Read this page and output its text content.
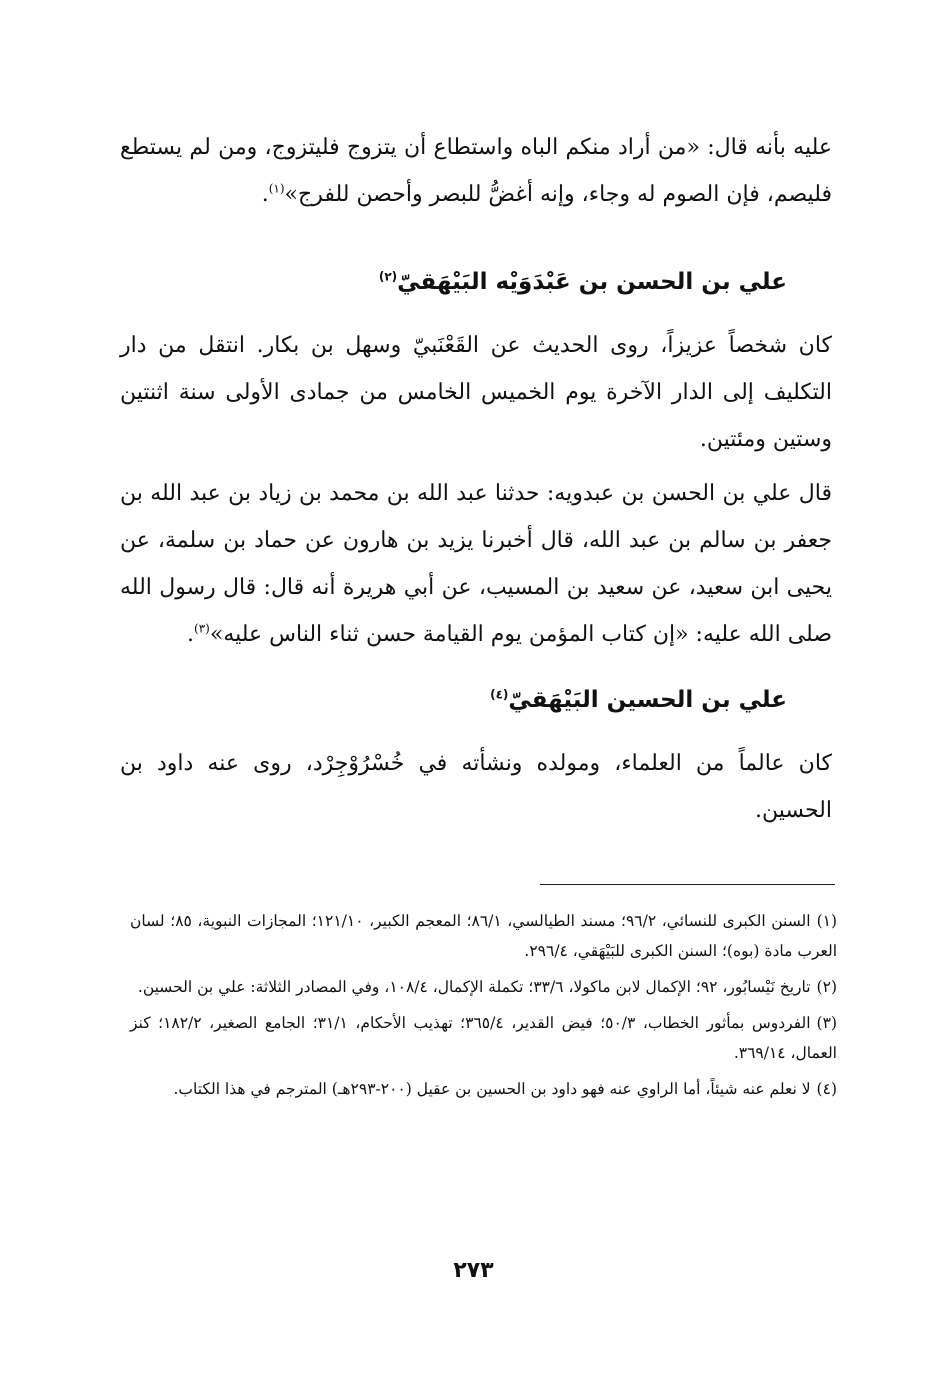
عليه بأنه قال: «من أراد منكم الباه واستطاع أن يتزوج فليتزوج، ومن لم يستطع فليصم، فإن الصوم له وجاء، وإنه أغضُّ للبصر وأحصن للفرج»$^{(١)}$.

علي بن الحسن بن عَبْدَوَيْه البَيْهَقيّ$^{(٢)}$

كان شخصاً عزيزاً، روى الحديث عن القَعْنَبيّ وسهل بن بكار. انتقل من دار التكليف إلى الدار الآخرة يوم الخميس الخامس من جمادى الأولى سنة اثنتين وستين ومئتين.

قال علي بن الحسن بن عبدويه: حدثنا عبد الله بن محمد بن زياد بن عبد الله بن جعفر بن سالم بن عبد الله، قال أخبرنا يزيد بن هارون عن حماد بن سلمة، عن يحيى ابن سعيد، عن سعيد بن المسيب، عن أبي هريرة أنه قال: قال رسول الله صلى الله عليه: «إن كتاب المؤمن يوم القيامة حسن ثناء الناس عليه»$^{(٣)}$.

علي بن الحسين البَيْهَقيّ$^{(٤)}$

كان عالماً من العلماء، ومولده ونشأته في خُسْرُوْجِرْد، روى عنه داود بن الحسين.

(١)السنن الكبرى للنسائي، ٩٦/٢؛ مسند الطيالسي، ٨٦/١؛ المعجم الكبير، ١٢١/١٠؛ المجازات النبوية، ٨٥؛ لسان العرب مادة (بوه)؛ السنن الكبرى للبَيْهَقي، ٢٩٦/٤.

(٢)تاريخ نَيْسابُور، ٩٢؛ الإكمال لابن ماكولا، ٣٣/٦؛ تكملة الإكمال، ١٠٨/٤، وفي المصادر الثلاثة: علي بن الحسين.

(٣)الفردوس بمأثور الخطاب، ٥٠/٣؛ فيض القدير، ٣٦٥/٤؛ تهذيب الأحكام، ٣١/١؛ الجامع الصغير، ١٨٢/٢؛ كنز العمال، ٣٦٩/١٤.

(٤)لا نعلم عنه شيئاً، أما الراوي عنه فهو داود بن الحسين بن عقيل (٢٠٠-٢٩٣هـ) المترجم في هذا الكتاب.

٢٧٣
